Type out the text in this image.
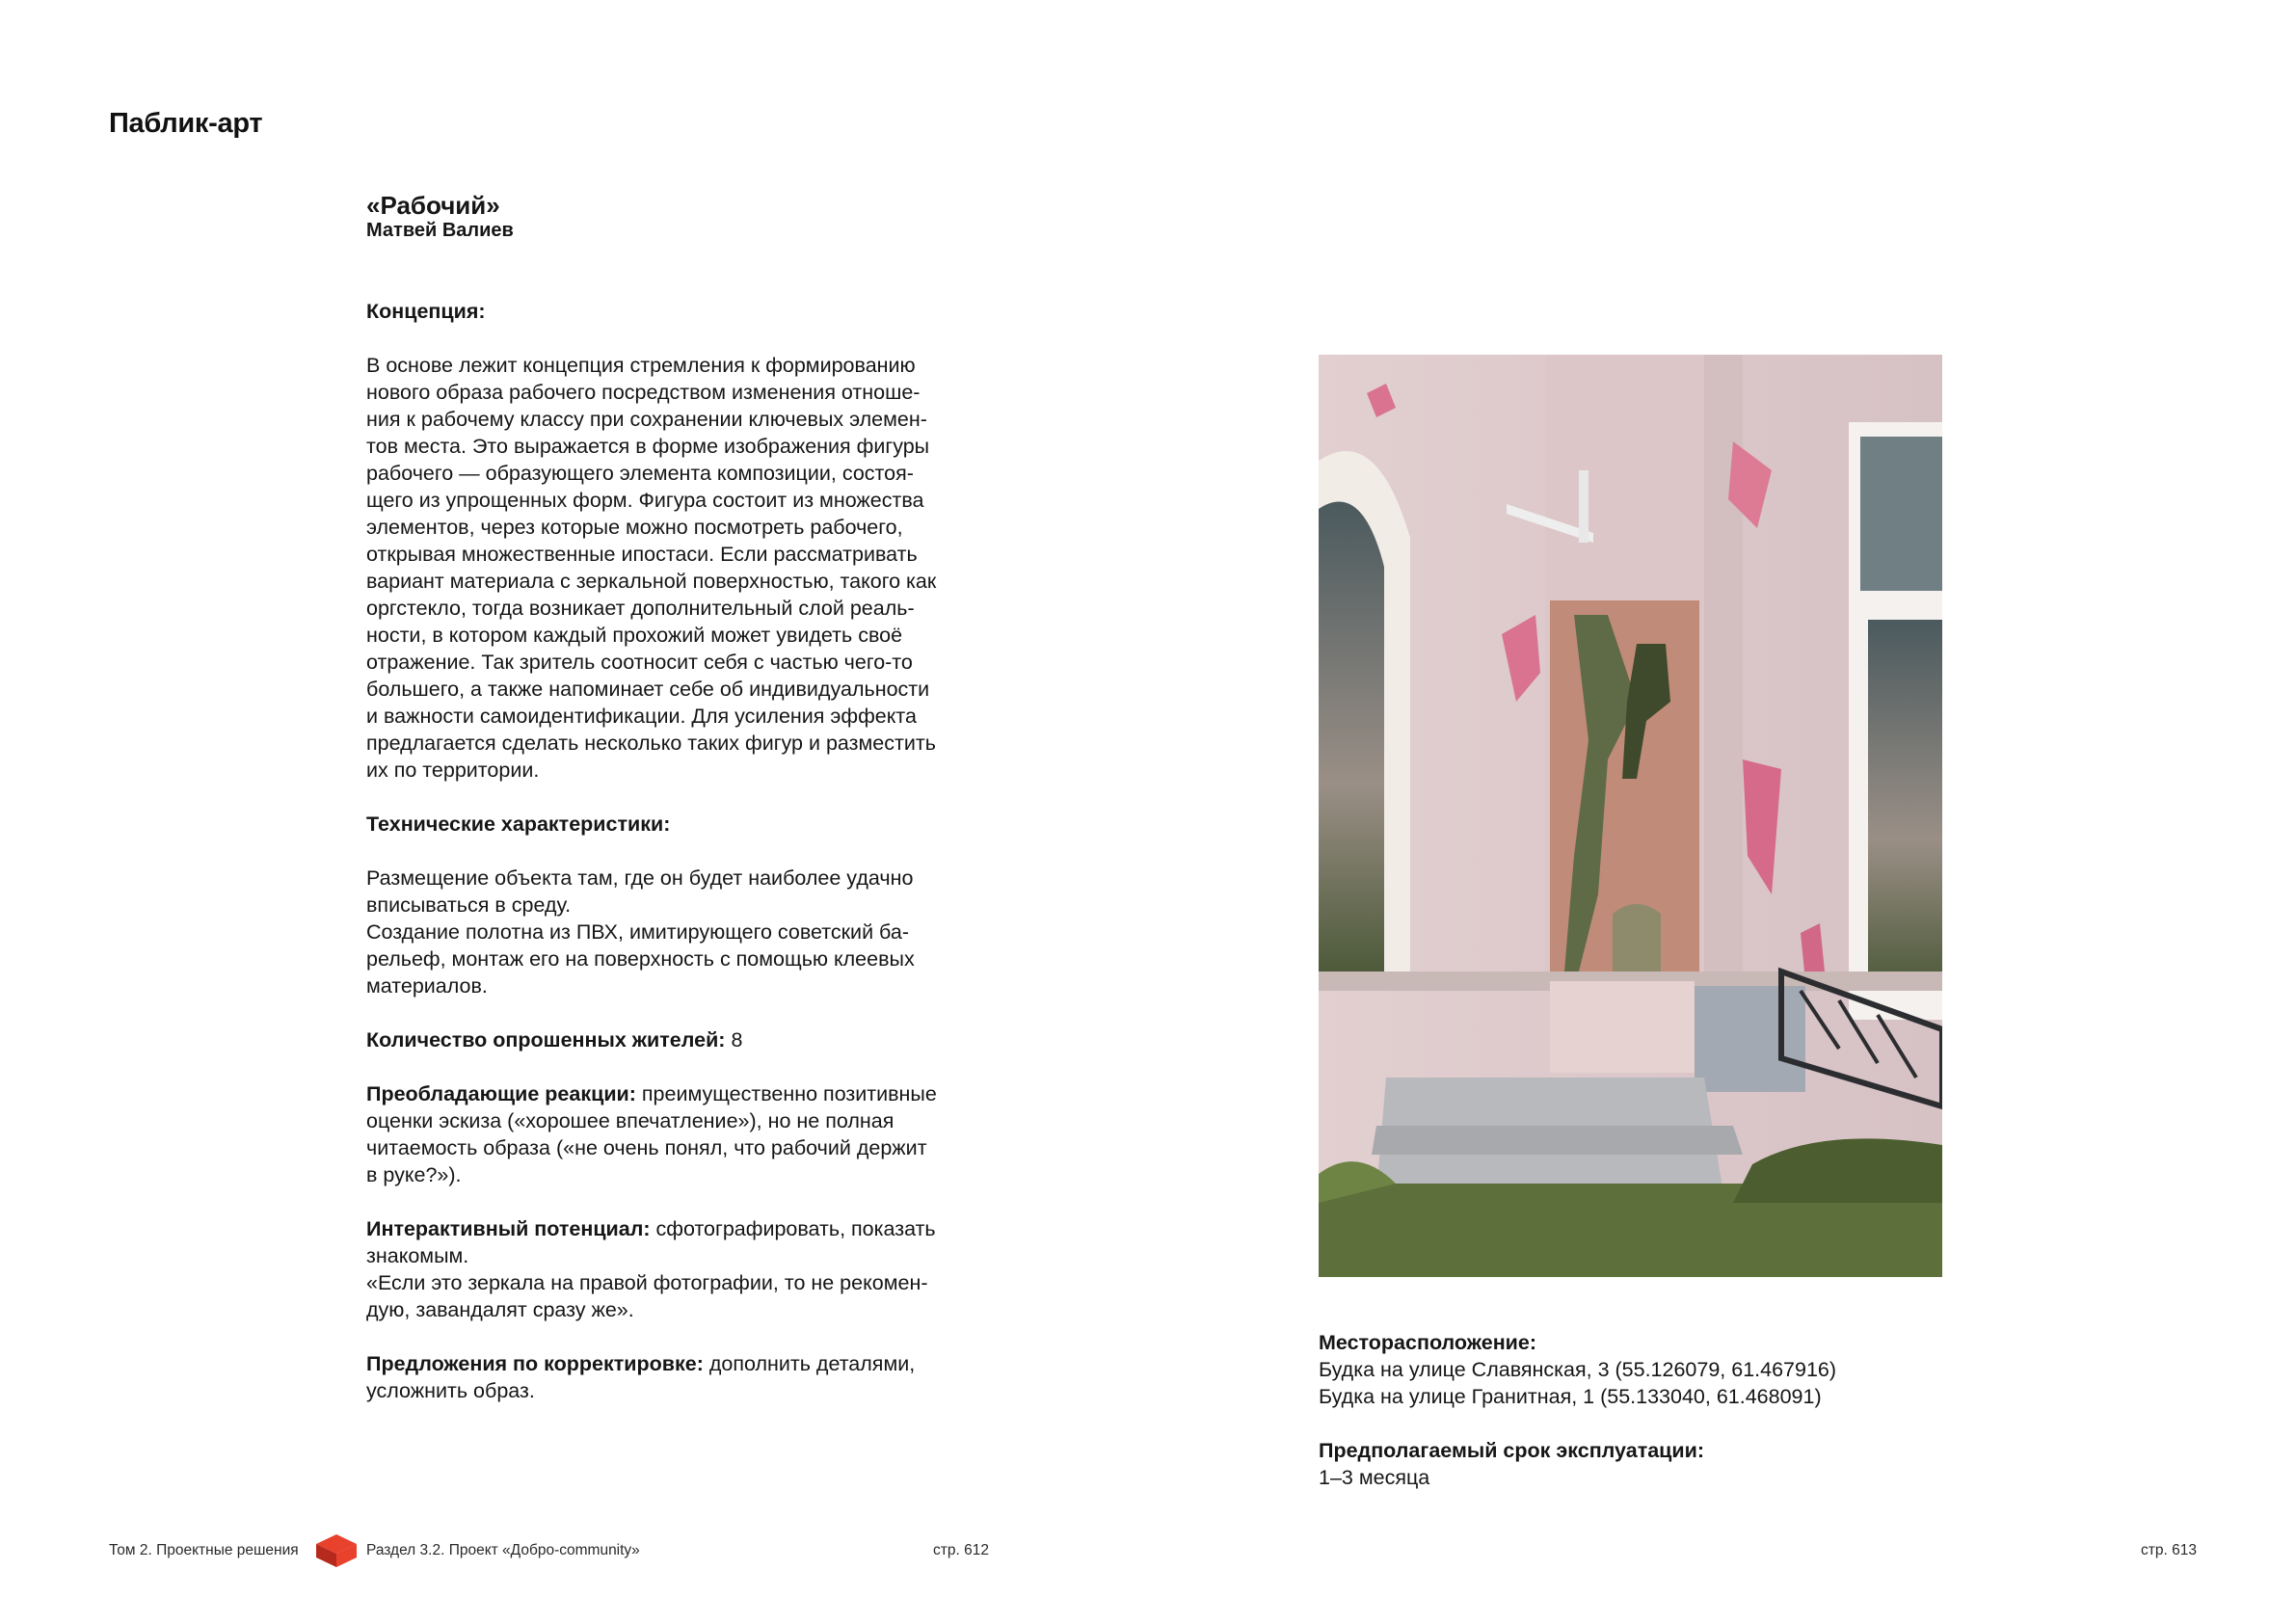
Паблик-арт
«Рабочий»
Матвей Валиев

Концепция:

В основе лежит концепция стремления к формированию
нового образа рабочего посредством изменения отноше-
ния к рабочему классу при сохранении ключевых элемен-
тов места. Это выражается в форме изображения фигуры
рабочего — образующего элемента композиции, состоя-
щего из упрощенных форм. Фигура состоит из множества
элементов, через которые можно посмотреть рабочего,
открывая множественные ипостаси. Если рассматривать
вариант материала с зеркальной поверхностью, такого как
оргстекло, тогда возникает дополнительный слой реаль-
ности, в котором каждый прохожий может увидеть своё
отражение. Так зритель соотносит себя с частью чего-то
большего, а также напоминает себе об индивидуальности
и важности самоидентификации. Для усиления эффекта
предлагается сделать несколько таких фигур и разместить
их по территории.

Технические характеристики:

Размещение объекта там, где он будет наиболее удачно
вписываться в среду.
Создание полотна из ПВХ, имитирующего советский ба-
рельеф, монтаж его на поверхность с помощью клеевых
материалов.

Количество опрошенных жителей: 8

Преобладающие реакции: преимущественно позитивные
оценки эскиза («хорошее впечатление»), но не полная
читаемость образа («не очень понял, что рабочий держит
в руке?»).

Интерактивный потенциал: сфотографировать, показать
знакомым.
«Если это зеркала на правой фотографии, то не рекомен-
дую, завандалят сразу же».

Предложения по корректировке: дополнить деталями,
усложнить образ.

Месторасположение:
Будка на улице Славянская, 3 (55.126079, 61.467916)
Будка на улице Гранитная, 1 (55.133040, 61.468091)

Предполагаемый срок эксплуатации:
1–3 месяца

Том 2. Проектные решения	Раздел 3.2. Проект «Добро-community»	стр. 612	стр. 613
